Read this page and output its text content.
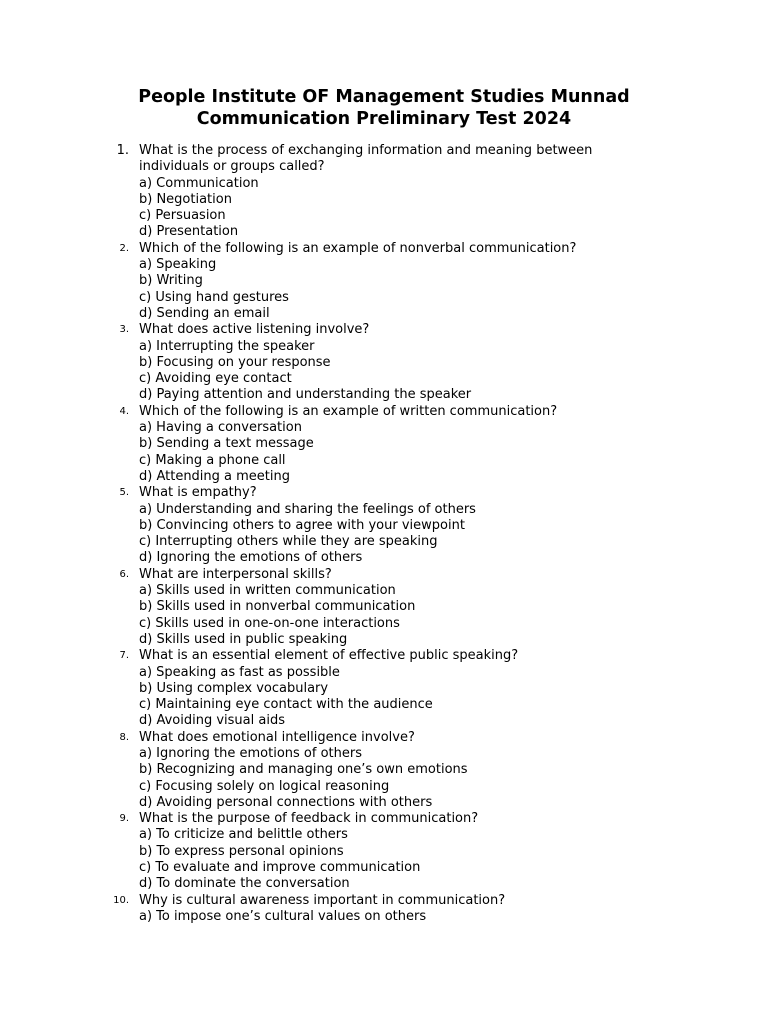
People Institute OF Management Studies Munnad
Communication Preliminary Test 2024
1. What is the process of exchanging information and meaning between
individuals or groups called?
a) Communication
b) Negotiation
c) Persuasion
d) Presentation
2. Which of the following is an example of nonverbal communication?
a) Speaking
b) Writing
c) Using hand gestures
d) Sending an email
3. What does active listening involve?
a) Interrupting the speaker
b) Focusing on your response
c) Avoiding eye contact
d) Paying attention and understanding the speaker
4. Which of the following is an example of written communication?
a) Having a conversation
b) Sending a text message
c) Making a phone call
d) Attending a meeting
5. What is empathy?
a) Understanding and sharing the feelings of others
b) Convincing others to agree with your viewpoint
c) Interrupting others while they are speaking
d) Ignoring the emotions of others
6. What are interpersonal skills?
a) Skills used in written communication
b) Skills used in nonverbal communication
c) Skills used in one-on-one interactions
d) Skills used in public speaking
7. What is an essential element of effective public speaking?
a) Speaking as fast as possible
b) Using complex vocabulary
c) Maintaining eye contact with the audience
d) Avoiding visual aids
8. What does emotional intelligence involve?
a) Ignoring the emotions of others
b) Recognizing and managing one’s own emotions
c) Focusing solely on logical reasoning
d) Avoiding personal connections with others
9. What is the purpose of feedback in communication?
a) To criticize and belittle others
b) To express personal opinions
c) To evaluate and improve communication
d) To dominate the conversation
10. Why is cultural awareness important in communication?
a) To impose one’s cultural values on others
